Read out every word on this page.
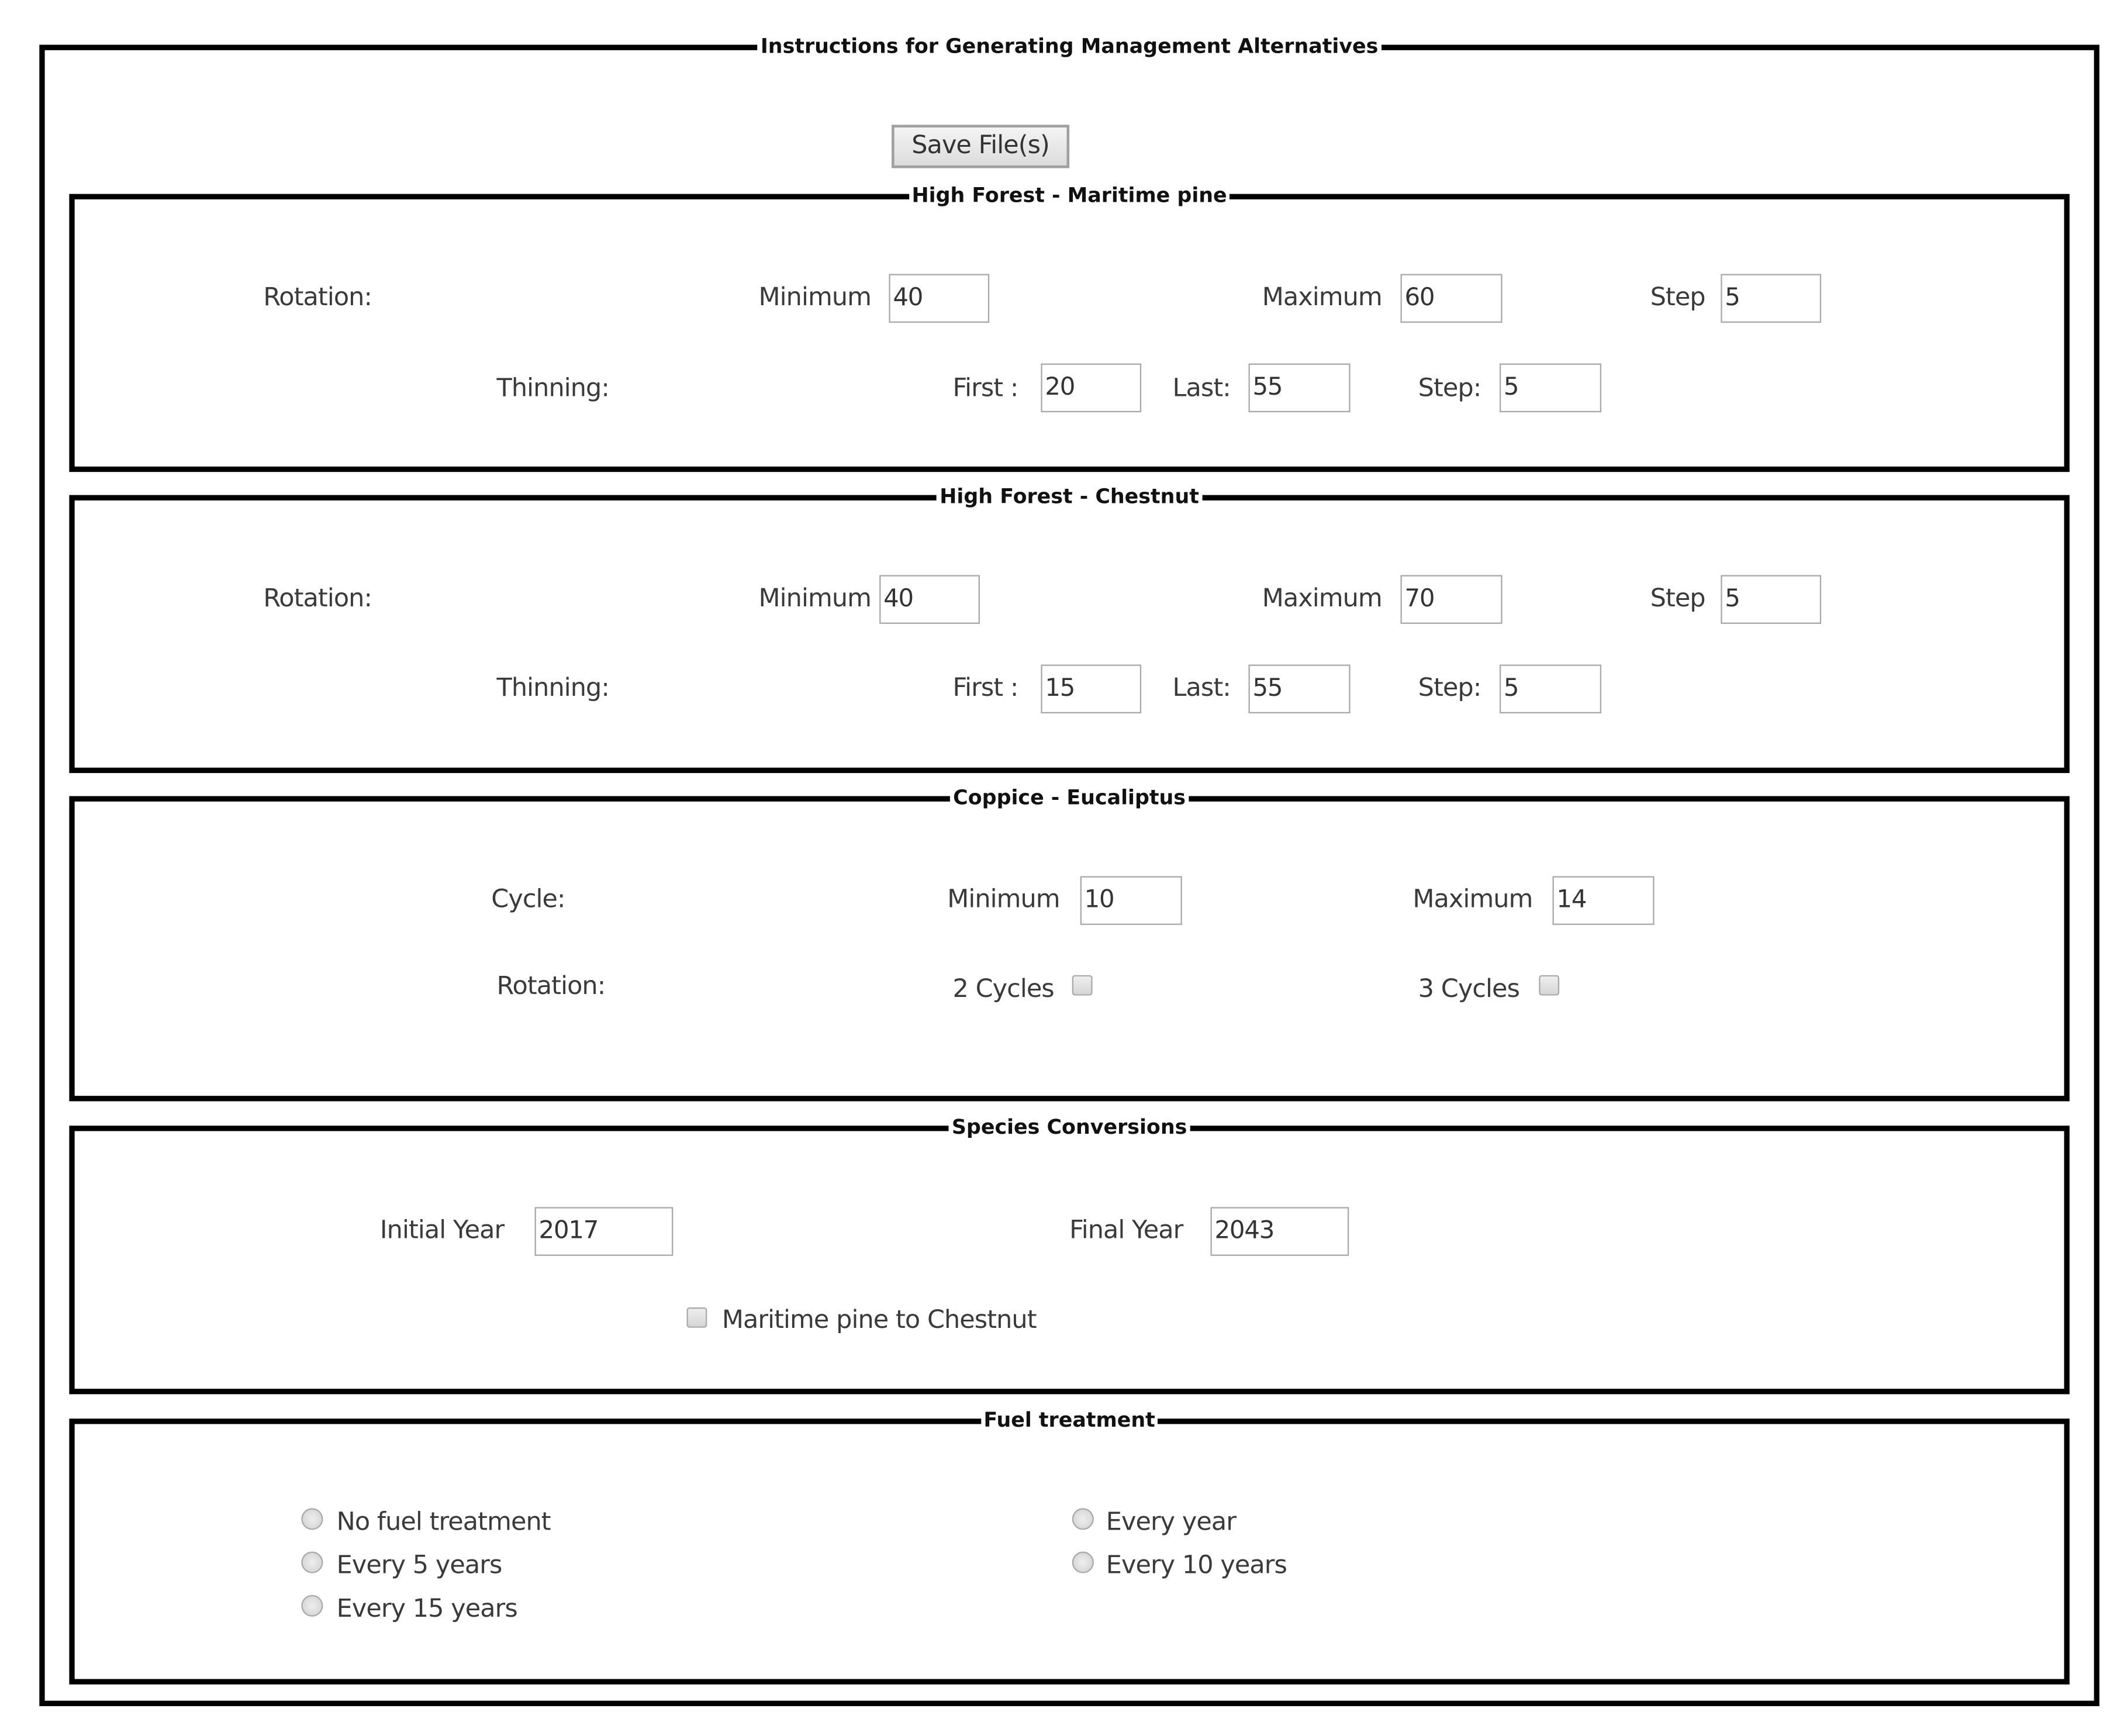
Instructions for Generating Management Alternatives
Save File(s)
High Forest - Maritime pine
Rotation:	Minimum	40	Maximum	60	Step	5
Thinning:	First :	20	Last:	55	Step:	5
High Forest - Chestnut
Rotation:	Minimum	40	Maximum	70	Step	5
Thinning:	First :	15	Last:	55	Step:	5
Coppice - Eucaliptus
Cycle:	Minimum	10	Maximum	14
Rotation:	2 Cycles	3 Cycles
Species Conversions
Initial Year	2017	Final Year	2043
Maritime pine to Chestnut
Fuel treatment
No fuel treatment
Every 5 years
Every 15 years
Every year
Every 10 years
